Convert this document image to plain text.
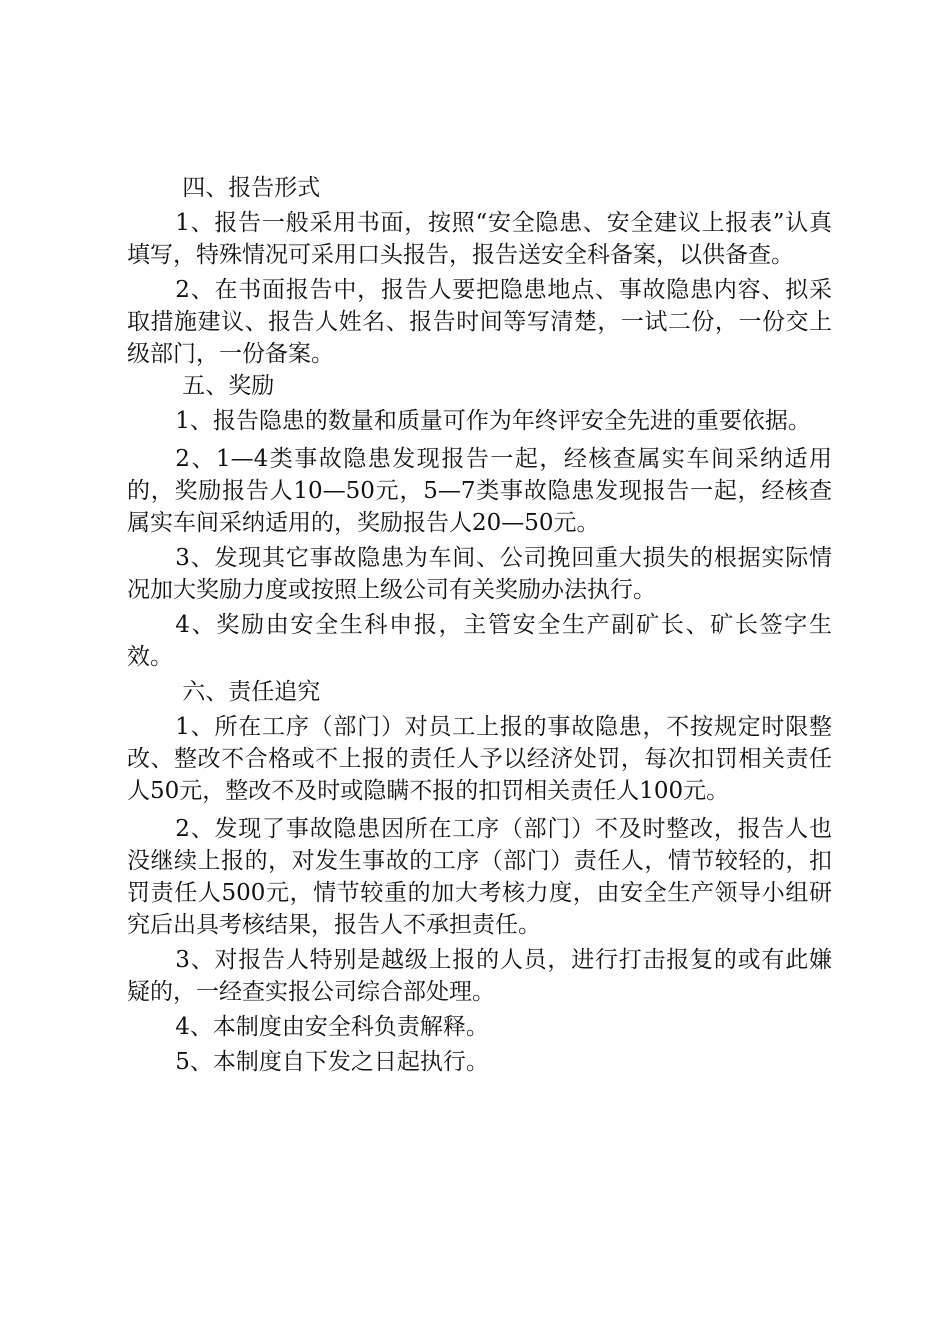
四、报告形式

1、报告一般采用书面，按照“安全隐患、安全建议上报表”认真填写，特殊情况可采用口头报告，报告送安全科备案，以供备查。

2、在书面报告中，报告人要把隐患地点、事故隐患内容、拟采取措施建议、报告人姓名、报告时间等写清楚，一试二份，一份交上级部门，一份备案。

五、奖励

1、报告隐患的数量和质量可作为年终评安全先进的重要依据。

2、1—4类事故隐患发现报告一起，经核查属实车间采纳适用的，奖励报告人10—50元，5—7类事故隐患发现报告一起，经核查属实车间采纳适用的，奖励报告人20—50元。

3、发现其它事故隐患为车间、公司挽回重大损失的根据实际情况加大奖励力度或按照上级公司有关奖励办法执行。

4、奖励由安全生科申报，主管安全生产副矿长、矿长签字生效。

六、责任追究

1、所在工序（部门）对员工上报的事故隐患，不按规定时限整改、整改不合格或不上报的责任人予以经济处罚，每次扣罚相关责任人50元，整改不及时或隐瞒不报的扣罚相关责任人100元。

2、发现了事故隐患因所在工序（部门）不及时整改，报告人也没继续上报的，对发生事故的工序（部门）责任人，情节较轻的，扣罚责任人500元，情节较重的加大考核力度，由安全生产领导小组研究后出具考核结果，报告人不承担责任。

3、对报告人特别是越级上报的人员，进行打击报复的或有此嫌疑的，一经查实报公司综合部处理。

4、本制度由安全科负责解释。

5、本制度自下发之日起执行。
